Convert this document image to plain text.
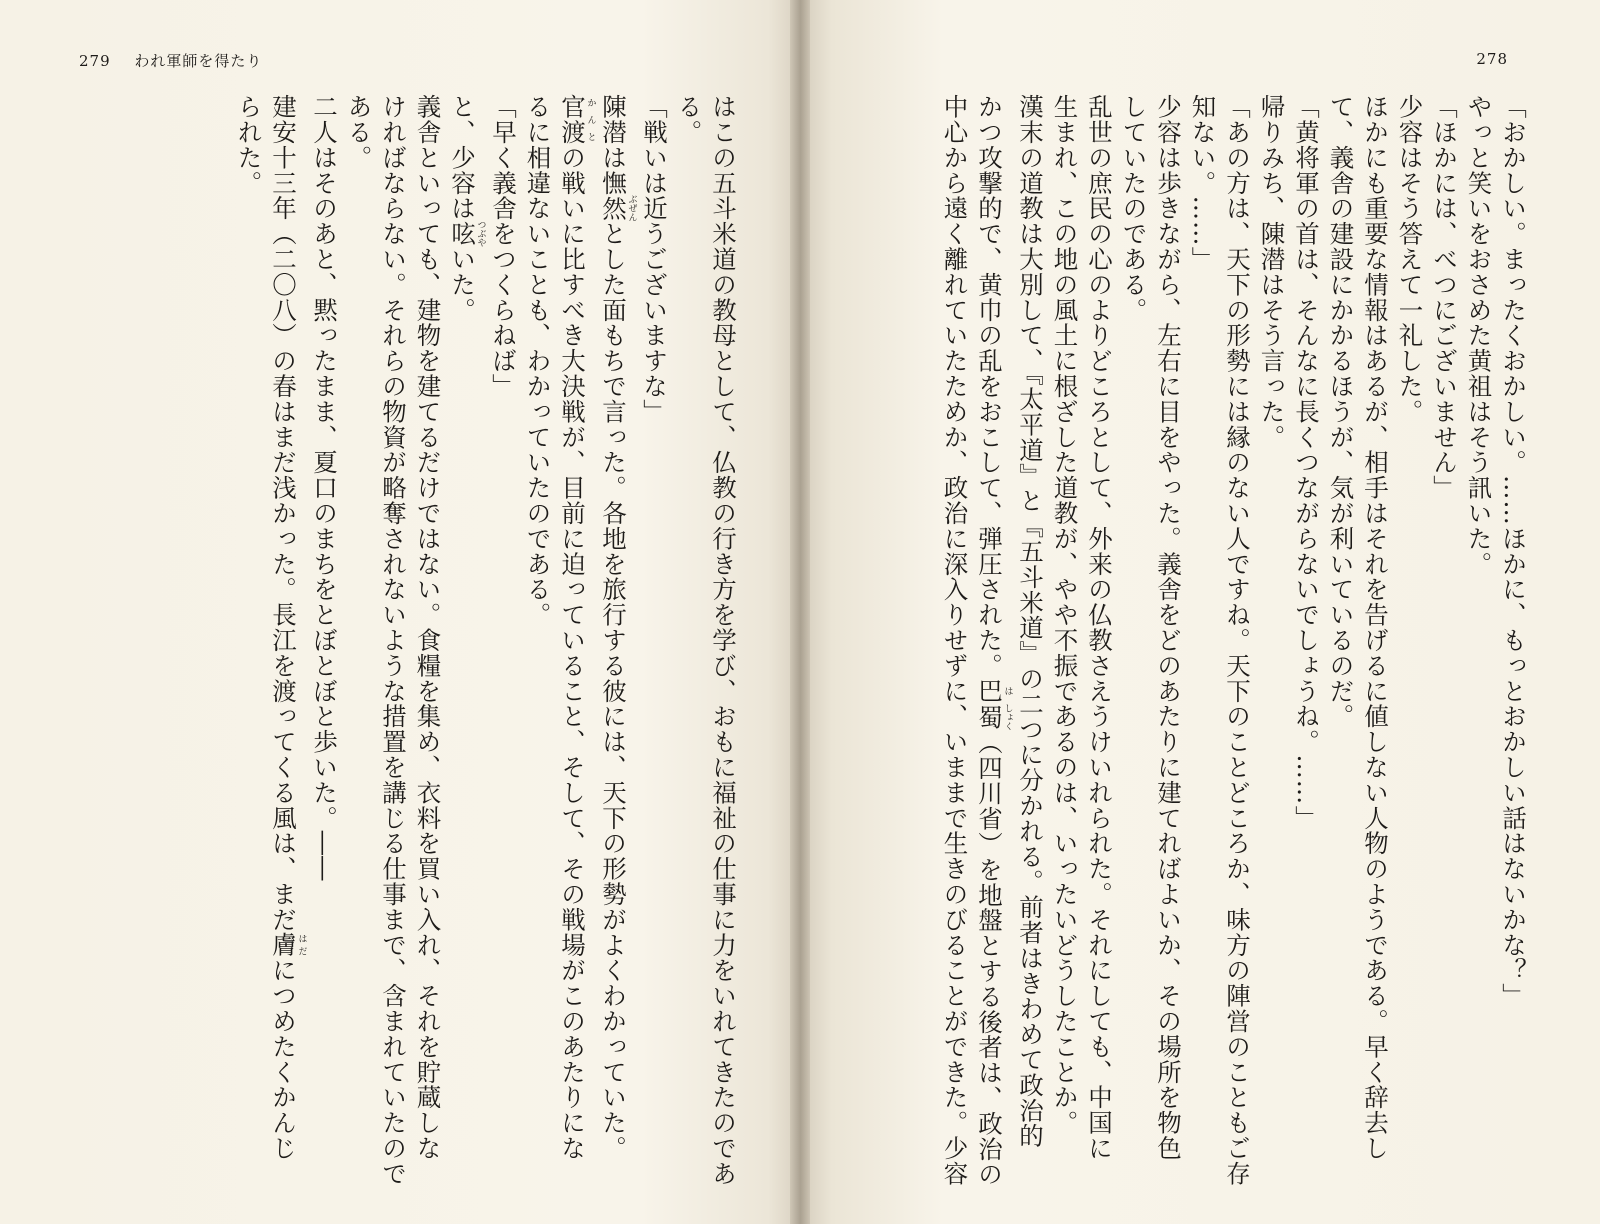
279 われ軍師を得たり
はこの五斗米道の教母として、仏教の行き方を学び、おもに福祉の仕事に力をいれてきたのであ
る。
「戦いは近うございますな」
陳潜は憮然ぶぜんとした面もちで言った。各地を旅行する彼には、天下の形勢がよくわかっていた。
官渡かんとの戦いに比すべき大決戦が、目前に迫っていること、そして、その戦場がこのあたりにな
るに相違ないことも、わかっていたのである。
「早く義舎をつくらねば」
と、少容は呟つぶやいた。
義舎といっても、建物を建てるだけではない。食糧を集め、衣料を買い入れ、それを貯蔵しな
ければならない。それらの物資が略奪されないような措置を講じる仕事まで、含まれていたので
ある。
二人はそのあと、黙ったまま、夏口のまちをとぼとぼと歩いた。――
建安十三年（二〇八）の春はまだ浅かった。長江を渡ってくる風は、まだ膚はだにつめたくかんじ
られた。
278
「おかしい。まったくおかしい。……ほかに、もっとおかしい話はないかな？」
やっと笑いをおさめた黄祖はそう訊いた。
「ほかには、べつにございません」
少容はそう答えて一礼した。
ほかにも重要な情報はあるが、相手はそれを告げるに値しない人物のようである。早く辞去し
て、義舎の建設にかかるほうが、気が利いているのだ。
「黄将軍の首は、そんなに長くつながらないでしょうね。……」
帰りみち、陳潜はそう言った。
「あの方は、天下の形勢には縁のない人ですね。天下のことどころか、味方の陣営のこともご存
知ない。……」
少容は歩きながら、左右に目をやった。義舎をどのあたりに建てればよいか、その場所を物色
していたのである。
乱世の庶民の心のよりどころとして、外来の仏教さえうけいれられた。それにしても、中国に
生まれ、この地の風土に根ざした道教が、やや不振であるのは、いったいどうしたことか。
漢末の道教は大別して、『太平道』と『五斗米道』の二つに分かれる。前者はきわめて政治的
かつ攻撃的で、黄巾の乱をおこして、弾圧された。巴は蜀しょく（四川省）を地盤とする後者は、政治の
中心から遠く離れていたためか、政治に深入りせずに、いままで生きのびることができた。少容
